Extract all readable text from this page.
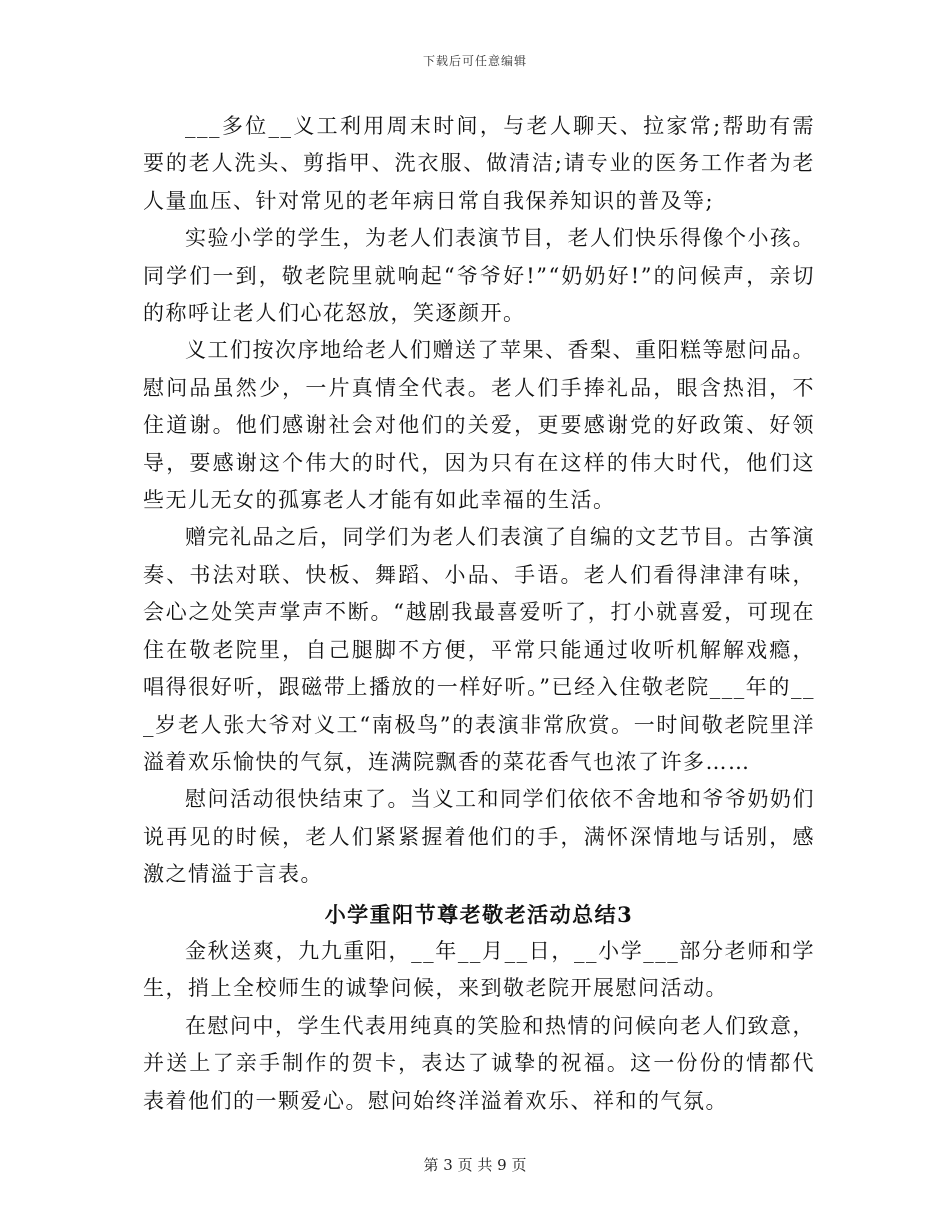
下载后可任意编辑

___多位__义工利用周末时间，与老人聊天、拉家常;帮助有需要的老人洗头、剪指甲、洗衣服、做清洁;请专业的医务工作者为老人量血压、针对常见的老年病日常自我保养知识的普及等;

实验小学的学生，为老人们表演节目，老人们快乐得像个小孩。同学们一到，敬老院里就响起“爷爷好!”“奶奶好!”的问候声，亲切的称呼让老人们心花怒放，笑逐颜开。

义工们按次序地给老人们赠送了苹果、香梨、重阳糕等慰问品。慰问品虽然少，一片真情全代表。老人们手捧礼品，眼含热泪，不住道谢。他们感谢社会对他们的关爱，更要感谢党的好政策、好领导，要感谢这个伟大的时代，因为只有在这样的伟大时代，他们这些无儿无女的孤寡老人才能有如此幸福的生活。

赠完礼品之后，同学们为老人们表演了自编的文艺节目。古筝演奏、书法对联、快板、舞蹈、小品、手语。老人们看得津津有味，会心之处笑声掌声不断。“越剧我最喜爱听了，打小就喜爱，可现在住在敬老院里，自己腿脚不方便，平常只能通过收听机解解戏瘾，唱得很好听，跟磁带上播放的一样好听。”已经入住敬老院___年的___岁老人张大爷对义工“南极鸟”的表演非常欣赏。一时间敬老院里洋溢着欢乐愉快的气氛，连满院飘香的菜花香气也浓了许多……

慰问活动很快结束了。当义工和同学们依依不舍地和爷爷奶奶们说再见的时候，老人们紧紧握着他们的手，满怀深情地与话别，感激之情溢于言表。

小学重阳节尊老敬老活动总结3

金秋送爽，九九重阳，__年__月__日，__小学___部分老师和学生，捎上全校师生的诚挚问候，来到敬老院开展慰问活动。

在慰问中，学生代表用纯真的笑脸和热情的问候向老人们致意，并送上了亲手制作的贺卡，表达了诚挚的祝福。这一份份的情都代表着他们的一颗爱心。慰问始终洋溢着欢乐、祥和的气氛。

第 3 页 共 9 页
